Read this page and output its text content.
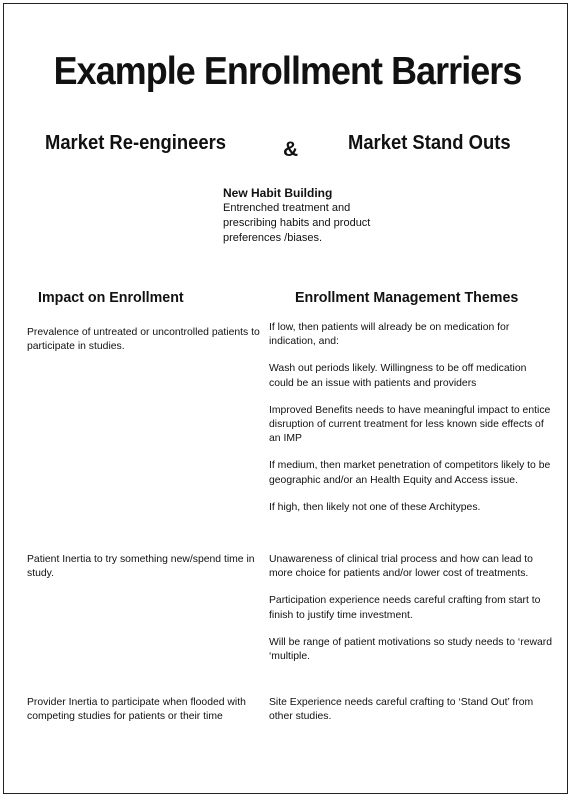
Example Enrollment Barriers
Market Re-engineers	& Market Stand Outs
New Habit Building
Entrenched treatment and prescribing habits and product preferences /biases.
Impact on Enrollment	Enrollment Management Themes
Prevalence of untreated or uncontrolled patients to participate in studies.

If low, then patients will already be on medication for indication, and:

Wash out periods likely. Willingness to be off medication could be an issue with patients and providers

Improved Benefits needs to have meaningful impact to entice disruption of current treatment for less known side effects of an IMP

If medium, then market penetration of competitors likely to be geographic and/or an Health Equity and Access issue.

If high, then likely not one of these Architypes.

Patient Inertia to try something new/spend time in study.

Unawareness of clinical trial process and how can lead to more choice for patients and/or lower cost of treatments.

Participation experience needs careful crafting from start to finish to justify time investment.

Will be range of patient motivations so study needs to ‘reward ‘multiple.

Provider Inertia to participate when flooded with competing studies for patients or their time

Site Experience needs careful crafting to ‘Stand Out’ from other studies.
